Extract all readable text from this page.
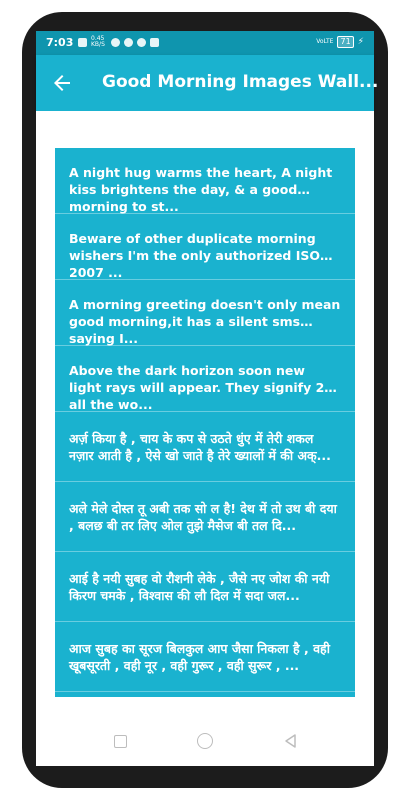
7:03	0.45 KB/S	VoLTE 71 ⚡
Good Morning Images Wall...
A night hug warms the heart, A night kiss brightens the day, & a good morning to st...
Beware of other duplicate morning wishers I'm the only authorized ISO 2007 ...
A morning greeting doesn't only mean good morning,it has a silent sms saying I...
Above the dark horizon soon new light rays will appear. They signify 2 all the wo...
अर्ज़ किया है , चाय के कप से उठते धुंए में तेरी शकल नज़ार आती है , ऐसे खो जाते है तेरे ख्यालों में की अक्...
अले मेले दोस्त तू अबी तक सो ल है! देथ में तो उथ बी दया , बलछ बी तर लिए ओल तुझे मैसेज बी तल दि...
आई है नयी सुबह वो रौशनी लेके , जैसे नए जोश की नयी किरण चमके , विश्वास की लौ दिल में सदा जल...
आज सुबह का सूरज बिलकुल आप जैसा निकला है , वही खूबसूरती , वही नूर , वही गुरूर , वही सुरूर , ...
